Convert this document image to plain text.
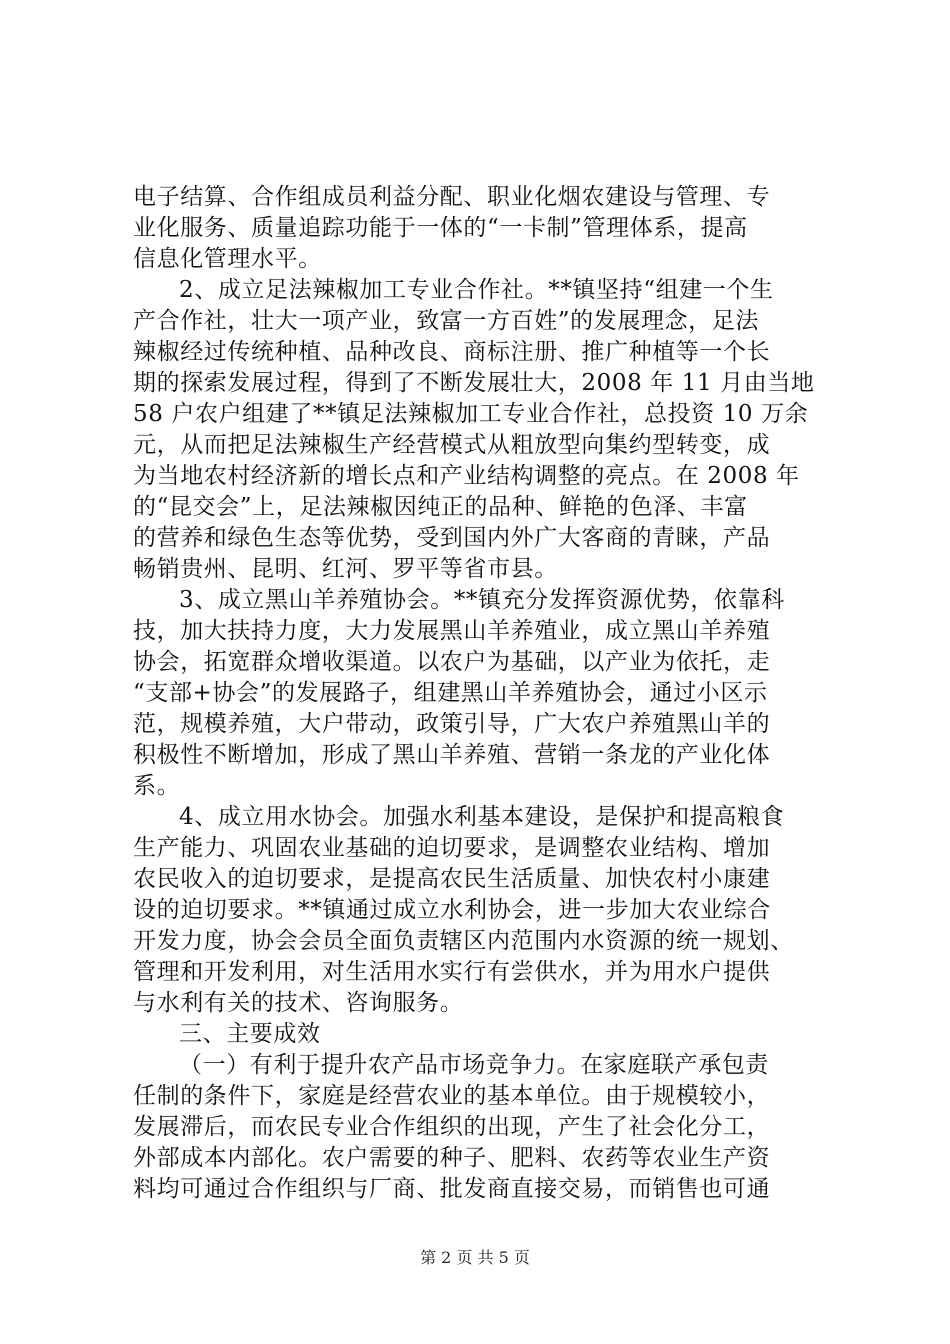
电子结算、合作组成员利益分配、职业化烟农建设与管理、专
业化服务、质量追踪功能于一体的“一卡制”管理体系，提高
信息化管理水平。
2、成立足法辣椒加工专业合作社。**镇坚持“组建一个生
产合作社，壮大一项产业，致富一方百姓”的发展理念，足法
辣椒经过传统种植、品种改良、商标注册、推广种植等一个长
期的探索发展过程，得到了不断发展壮大，2008 年 11 月由当地
58 户农户组建了**镇足法辣椒加工专业合作社，总投资 10 万余
元，从而把足法辣椒生产经营模式从粗放型向集约型转变，成
为当地农村经济新的增长点和产业结构调整的亮点。在 2008 年
的“昆交会”上，足法辣椒因纯正的品种、鲜艳的色泽、丰富
的营养和绿色生态等优势，受到国内外广大客商的青睐，产品
畅销贵州、昆明、红河、罗平等省市县。
3、成立黑山羊养殖协会。**镇充分发挥资源优势，依靠科
技，加大扶持力度，大力发展黑山羊养殖业，成立黑山羊养殖
协会，拓宽群众增收渠道。以农户为基础，以产业为依托，走
“支部+协会”的发展路子，组建黑山羊养殖协会，通过小区示
范，规模养殖，大户带动，政策引导，广大农户养殖黑山羊的
积极性不断增加，形成了黑山羊养殖、营销一条龙的产业化体
系。
4、成立用水协会。加强水利基本建设，是保护和提高粮食
生产能力、巩固农业基础的迫切要求，是调整农业结构、增加
农民收入的迫切要求，是提高农民生活质量、加快农村小康建
设的迫切要求。**镇通过成立水利协会，进一步加大农业综合
开发力度，协会会员全面负责辖区内范围内水资源的统一规划、
管理和开发利用，对生活用水实行有尝供水，并为用水户提供
与水利有关的技术、咨询服务。
三、主要成效
（一）有利于提升农产品市场竞争力。在家庭联产承包责
任制的条件下，家庭是经营农业的基本单位。由于规模较小，
发展滞后，而农民专业合作组织的出现，产生了社会化分工，
外部成本内部化。农户需要的种子、肥料、农药等农业生产资
料均可通过合作组织与厂商、批发商直接交易，而销售也可通
第 2 页 共 5 页
